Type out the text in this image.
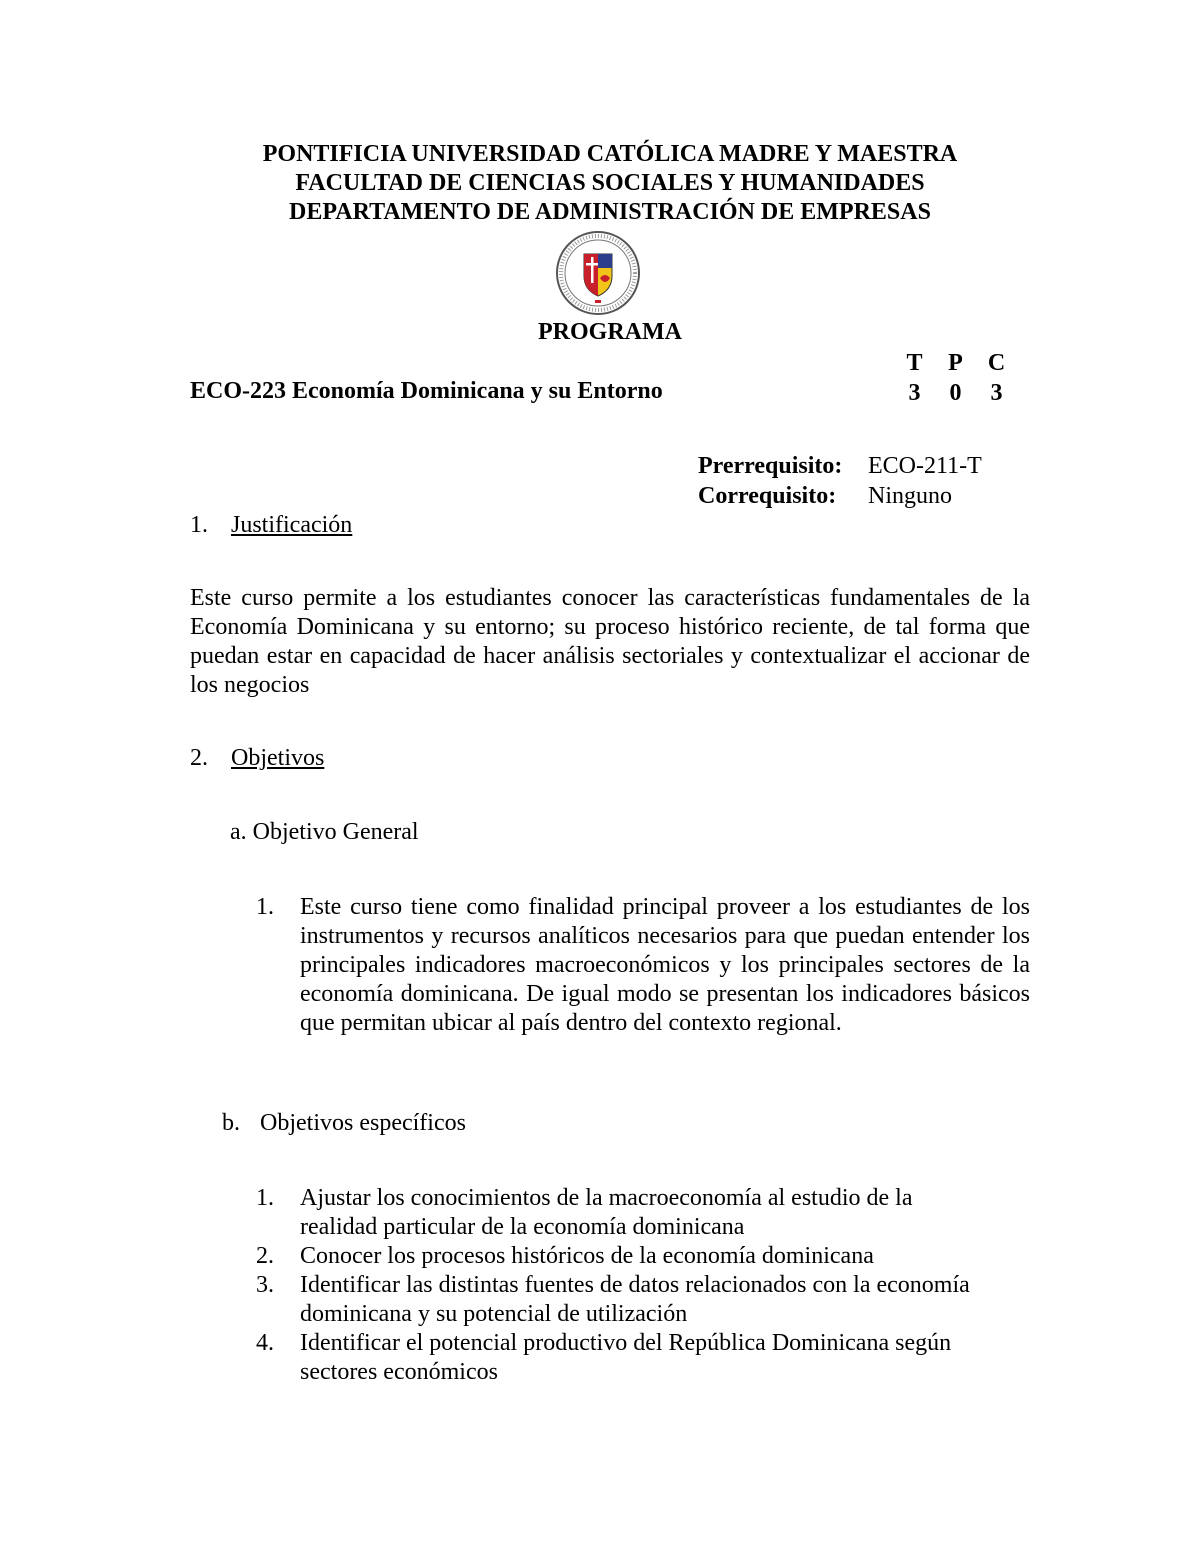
PONTIFICIA UNIVERSIDAD CATÓLICA MADRE Y MAESTRA
FACULTAD DE CIENCIAS SOCIALES Y HUMANIDADES
DEPARTAMENTO DE ADMINISTRACIÓN DE EMPRESAS
PROGRAMA
T	P	C
3	0	3
ECO-223 Economía Dominicana y su Entorno
Prerrequisito:	ECO-211-T
Correquisito:	Ninguno
1. Justificación
Este curso permite a los estudiantes conocer las características fundamentales de la Economía Dominicana y su entorno; su proceso histórico reciente, de tal forma que puedan estar en capacidad de hacer análisis sectoriales y contextualizar el accionar de los negocios
2. Objetivos
a. Objetivo General
1.	Este curso tiene como finalidad principal proveer a los estudiantes de los instrumentos y recursos analíticos necesarios para que puedan entender los principales indicadores macroeconómicos y los principales sectores de la economía dominicana. De igual modo se presentan los indicadores básicos que permitan ubicar al país dentro del contexto regional.
b. Objetivos específicos
1.	Ajustar los conocimientos de la macroeconomía al estudio de la realidad particular de la economía dominicana
2.	Conocer los procesos históricos de la economía dominicana
3.	Identificar las distintas fuentes de datos relacionados con la economía dominicana y su potencial de utilización
4.	Identificar el potencial productivo del República Dominicana según sectores económicos
